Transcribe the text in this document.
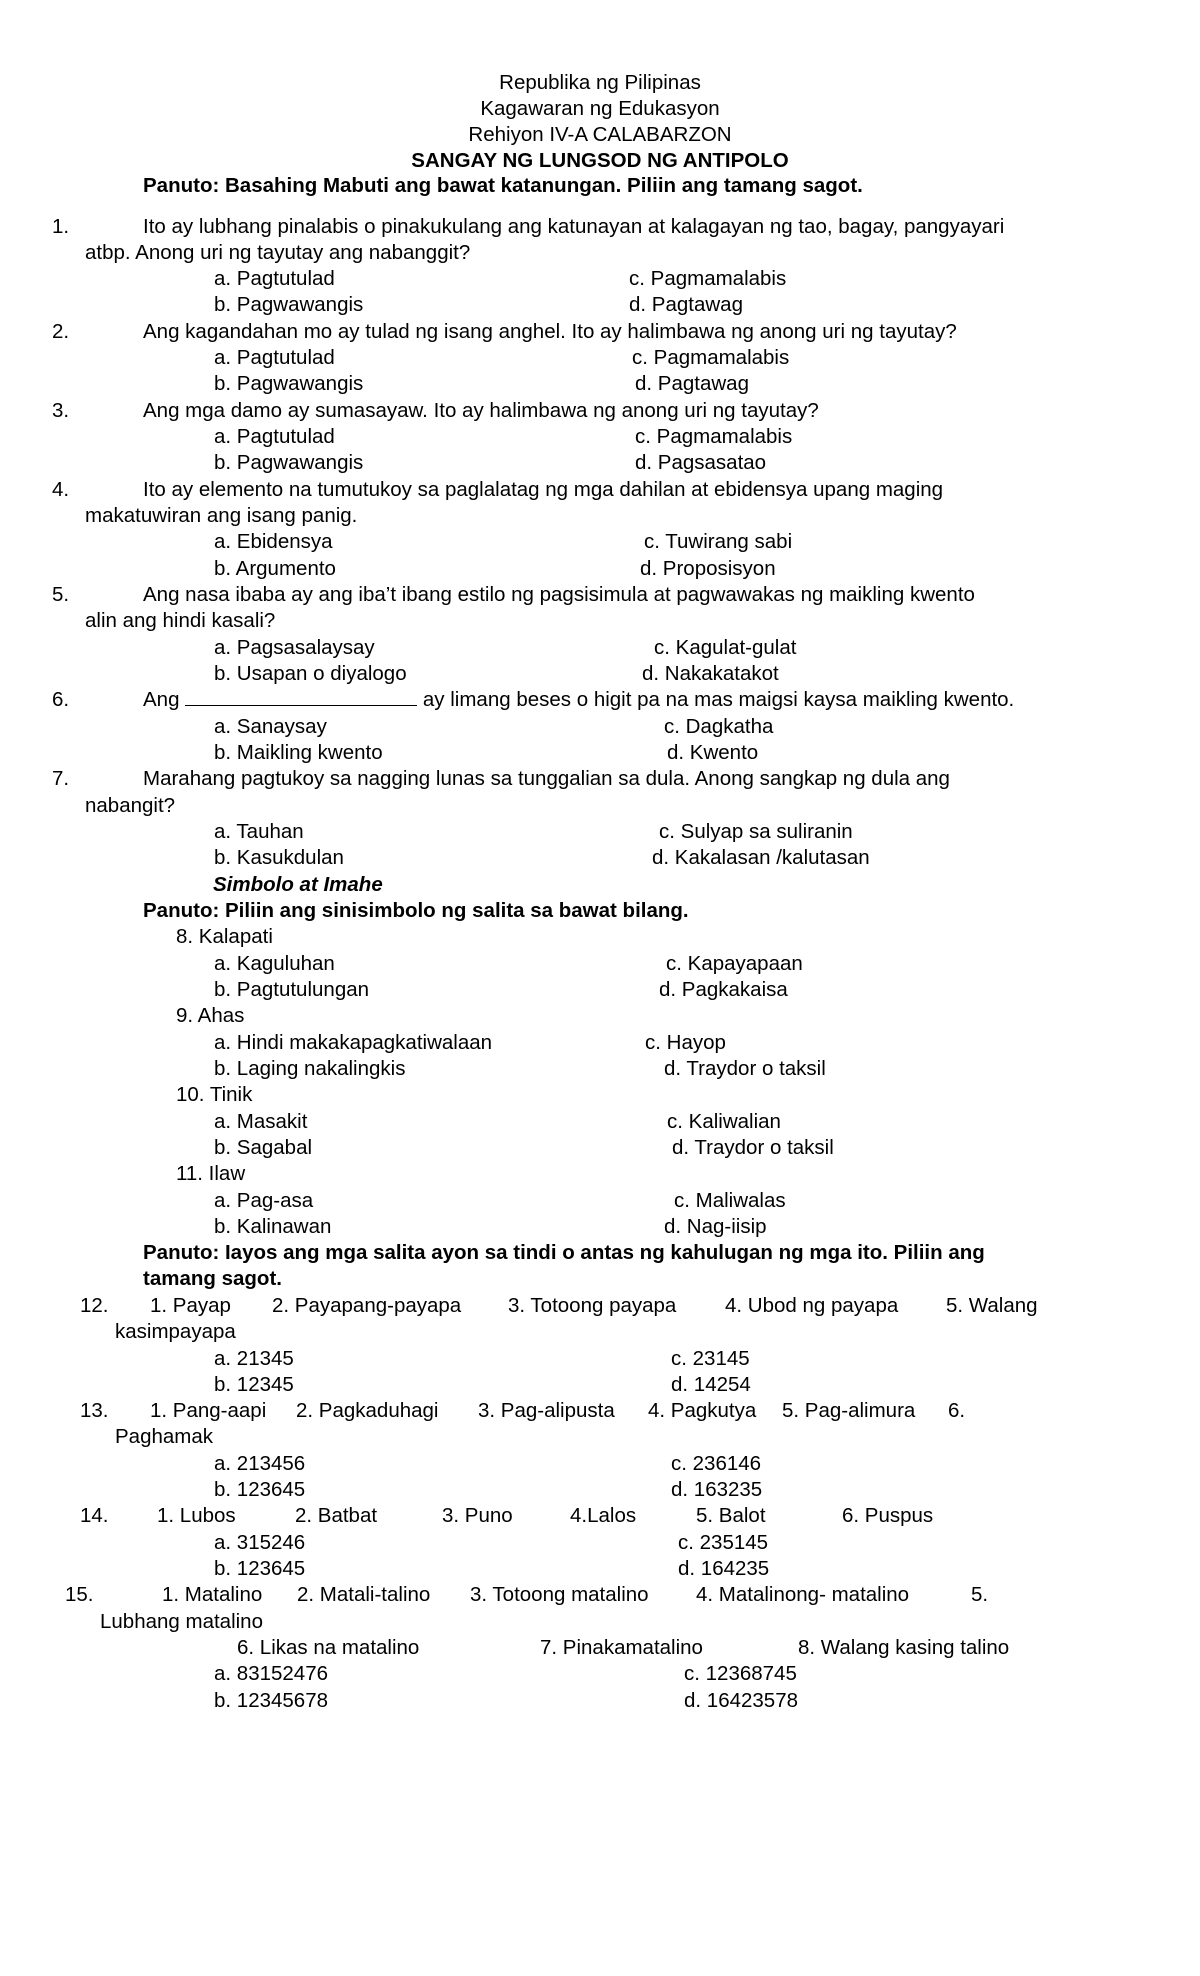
Republika ng Pilipinas
Kagawaran ng Edukasyon
Rehiyon IV-A CALABARZON
SANGAY NG LUNGSOD NG ANTIPOLO
Panuto: Basahing Mabuti ang bawat katanungan. Piliin ang tamang sagot.
1.	Ito ay lubhang pinalabis o pinakukulang ang katunayan at kalagayan ng tao, bagay, pangyayari
atbp. Anong uri ng tayutay ang nabanggit?
a. Pagtutulad	c. Pagmamalabis
b. Pagwawangis	d. Pagtawag
2.	Ang kagandahan mo ay tulad ng isang anghel. Ito ay halimbawa ng anong uri ng tayutay?
a. Pagtutulad	c. Pagmamalabis
b. Pagwawangis	d. Pagtawag
3.	Ang mga damo ay sumasayaw. Ito ay halimbawa ng anong uri ng tayutay?
a. Pagtutulad	c. Pagmamalabis
b. Pagwawangis	d. Pagsasatao
4.	Ito ay elemento na tumutukoy sa paglalatag ng mga dahilan at ebidensya upang maging
makatuwiran ang isang panig.
a. Ebidensya	c. Tuwirang sabi
b. Argumento	d. Proposisyon
5.	Ang nasa ibaba ay ang iba’t ibang estilo ng pagsisimula at pagwawakas ng maikling kwento
alin ang hindi kasali?
a. Pagsasalaysay	c. Kagulat-gulat
b. Usapan o diyalogo	d. Nakakatakot
6.	Ang	ay limang beses o higit pa na mas maigsi kaysa maikling kwento.
a. Sanaysay	c. Dagkatha
b. Maikling kwento	d. Kwento
7.	Marahang pagtukoy sa nagging lunas sa tunggalian sa dula. Anong sangkap ng dula ang
nabangit?
a. Tauhan	c. Sulyap sa suliranin
b. Kasukdulan	d. Kakalasan /kalutasan
Simbolo at Imahe
Panuto: Piliin ang sinisimbolo ng salita sa bawat bilang.
8. Kalapati
a. Kaguluhan	c. Kapayapaan
b. Pagtutulungan	d. Pagkakaisa
9. Ahas
a. Hindi makakapagkatiwalaan	c. Hayop
b. Laging nakalingkis	d. Traydor o taksil
10. Tinik
a. Masakit	c. Kaliwalian
b. Sagabal	d. Traydor o taksil
11. Ilaw
a. Pag-asa	c. Maliwalas
b. Kalinawan	d. Nag-iisip
Panuto: Iayos ang mga salita ayon sa tindi o antas ng kahulugan ng mga ito. Piliin ang
tamang sagot.
12. 1. Payap 2. Payapang-payapa 3. Totoong payapa 4. Ubod ng payapa 5. Walang
kasimpayapa
a. 21345	c. 23145
b. 12345	d. 14254
13. 1. Pang-aapi 2. Pagkaduhagi 3. Pag-alipusta 4. Pagkutya 5. Pag-alimura 6.
Paghamak
a. 213456	c. 236146
b. 123645	d. 163235
14. 1. Lubos	2. Batbat	3. Puno	4.Lalos	5. Balot	6. Puspus
a. 315246	c. 235145
b. 123645	d. 164235
15.	1. Matalino 2. Matali-talino 3. Totoong matalino 4. Matalinong- matalino	5.
Lubhang matalino
6. Likas na matalino	7. Pinakamatalino	8. Walang kasing talino
a. 83152476	c. 12368745
b. 12345678	d. 16423578
